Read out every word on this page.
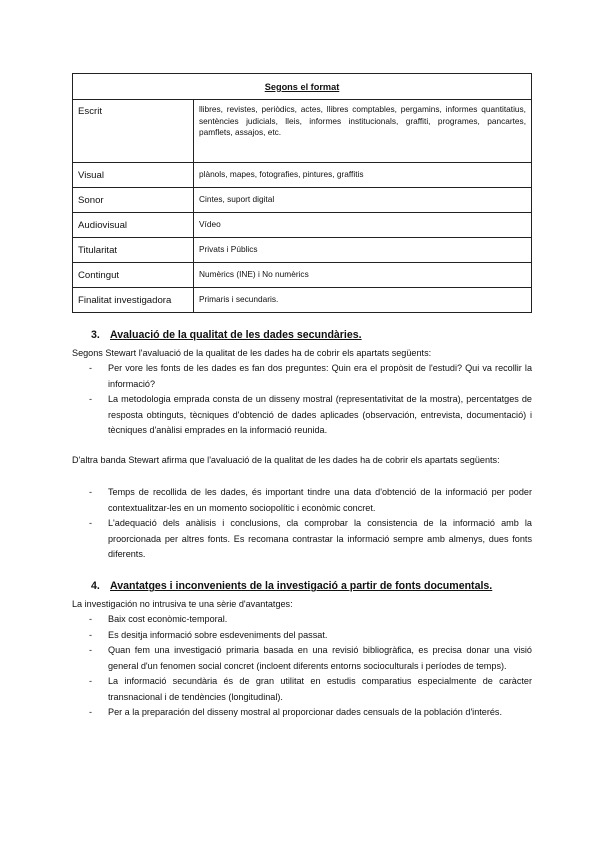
Segons el format	
Escrit	llibres, revistes, periòdics, actes, llibres comptables, pergamins, informes quantitatius, sentències judicials, lleis, informes institucionals, graffiti, programes, pancartes, pamflets, assajos, etc.
Visual	plànols, mapes, fotografies, pintures, graffitis
Sonor	Cintes, suport digital
Audiovisual	Vídeo
Titularitat	Privats i Públics
Contingut	Numèrics (INE) i No numèrics
Finalitat investigadora	Primaris i secundaris.
3. Avaluació de la qualitat de les dades secundàries.

Segons Stewart l'avaluació de la qualitat de les dades ha de cobrir els apartats següents:

- Per vore les fonts de les dades es fan dos preguntes: Quin era el propòsit de l'estudi? Qui va recollir la informació?
- La metodologia emprada consta de un disseny mostral (representativitat de la mostra), percentatges de resposta obtinguts, tècniques d'obtenció de dades aplicades (observación, entrevista, documentació) i tècniques d'anàlisi emprades en la informació reunida.

D'altra banda Stewart afirma que l'avaluació de la qualitat de les dades ha de cobrir els apartats següents:

- Temps de recollida de les dades, és important tindre una data d'obtenció de la informació per poder contextualitzar-les en un momento sociopolític i econòmic concret.
- L'adequació dels anàlisis i conclusions, cla comprobar la consistencia de la informació amb la proorcionada per altres fonts. Es recomana contrastar la informació sempre amb almenys, dues fonts diferents.
4. Avantatges i inconvenients de la investigació a partir de fonts documentals.

La investigación no intrusiva te una sèrie d'avantatges:

- Baix cost econòmic-temporal.
- Es desitja informació sobre esdeveniments del passat.
- Quan fem una investigació primaria basada en una revisió bibliogràfica, es precisa donar una visió general d'un fenomen social concret (incloent diferents entorns socioculturals i períodes de temps).
- La informació secundària és de gran utilitat en estudis comparatius especialmente de caràcter transnacional i de tendències (longitudinal).
- Per a la preparación del disseny mostral al proporcionar dades censuals de la población d'interés.
